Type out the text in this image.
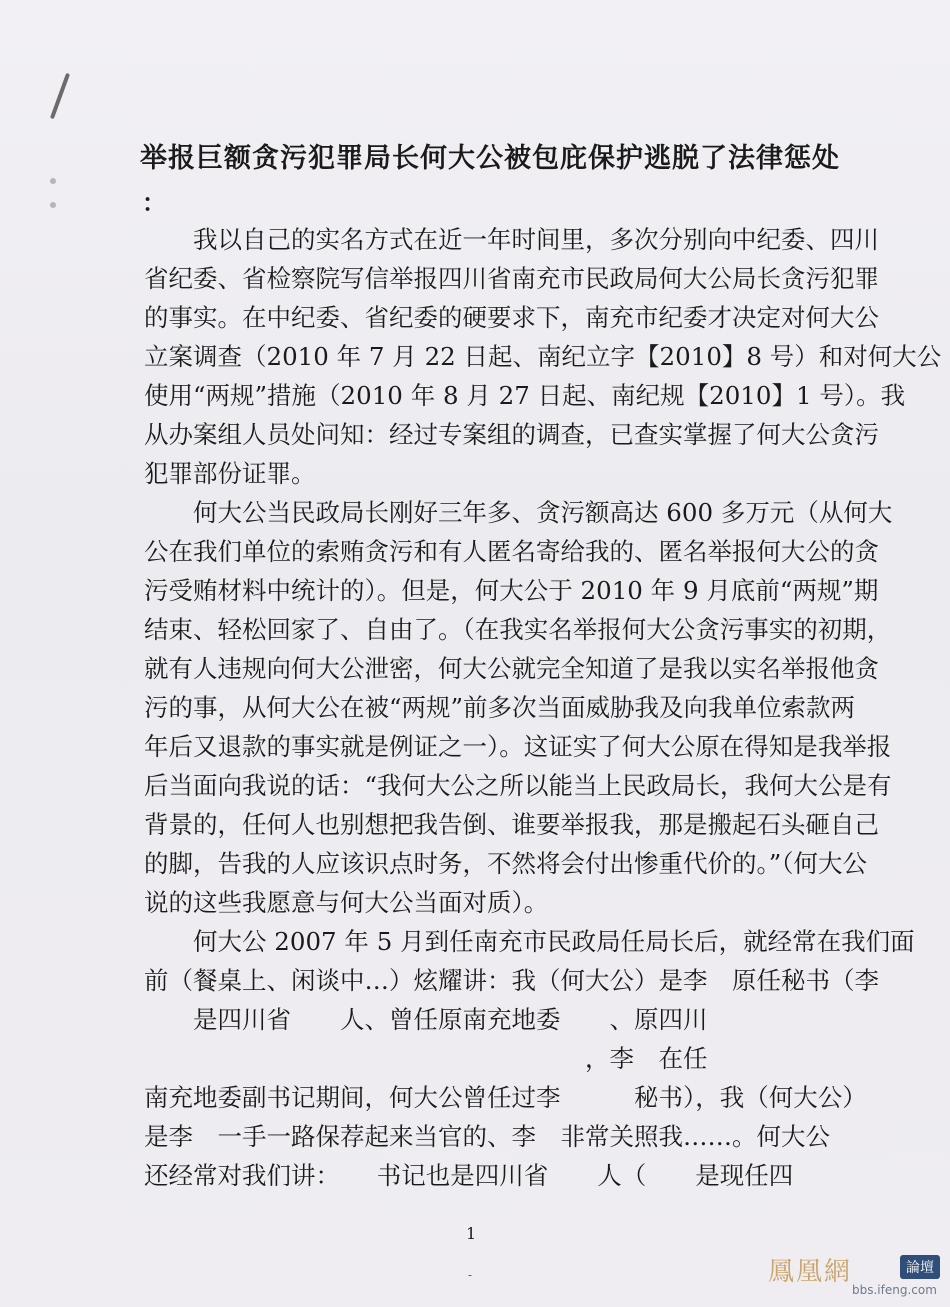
举报巨额贪污犯罪局长何大公被包庇保护逃脱了法律惩处
：
　　我以自己的实名方式在近一年时间里，多次分别向中纪委、四川
省纪委、省检察院写信举报四川省南充市民政局何大公局长贪污犯罪
的事实。在中纪委、省纪委的硬要求下，南充市纪委才决定对何大公
立案调查（2010 年 7 月 22 日起、南纪立字【2010】8 号）和对何大公
使用“两规”措施（2010 年 8 月 27 日起、南纪规【2010】1 号）。我
从办案组人员处问知：经过专案组的调查，已查实掌握了何大公贪污
犯罪部份证罪。
　　何大公当民政局长刚好三年多、贪污额高达 600 多万元（从何大
公在我们单位的索贿贪污和有人匿名寄给我的、匿名举报何大公的贪
污受贿材料中统计的）。但是，何大公于 2010 年 9 月底前“两规”期
结束、轻松回家了、自由了。（在我实名举报何大公贪污事实的初期，
就有人违规向何大公泄密，何大公就完全知道了是我以实名举报他贪
污的事，从何大公在被“两规”前多次当面威胁我及向我单位索款两
年后又退款的事实就是例证之一）。这证实了何大公原在得知是我举报
后当面向我说的话：“我何大公之所以能当上民政局长，我何大公是有
背景的，任何人也别想把我告倒、谁要举报我，那是搬起石头砸自己
的脚，告我的人应该识点时务，不然将会付出惨重代价的。”（何大公
说的这些我愿意与何大公当面对质）。
　　何大公 2007 年 5 月到任南充市民政局任局长后，就经常在我们面
前（餐桌上、闲谈中…）炫耀讲：我（何大公）是李　原任秘书（李
　　是四川省　　人、曾任原南充地委　　、原四川
　　　　　　　　　　　　　　　　　　，李　在任
南充地委副书记期间，何大公曾任过李　　　秘书），我（何大公）
是李　一手一路保荐起来当官的、李　非常关照我……。何大公
还经常对我们讲：　　书记也是四川省　　人（　　是现任四
1
-	鳳凰網	論壇
bbs.ifeng.com
